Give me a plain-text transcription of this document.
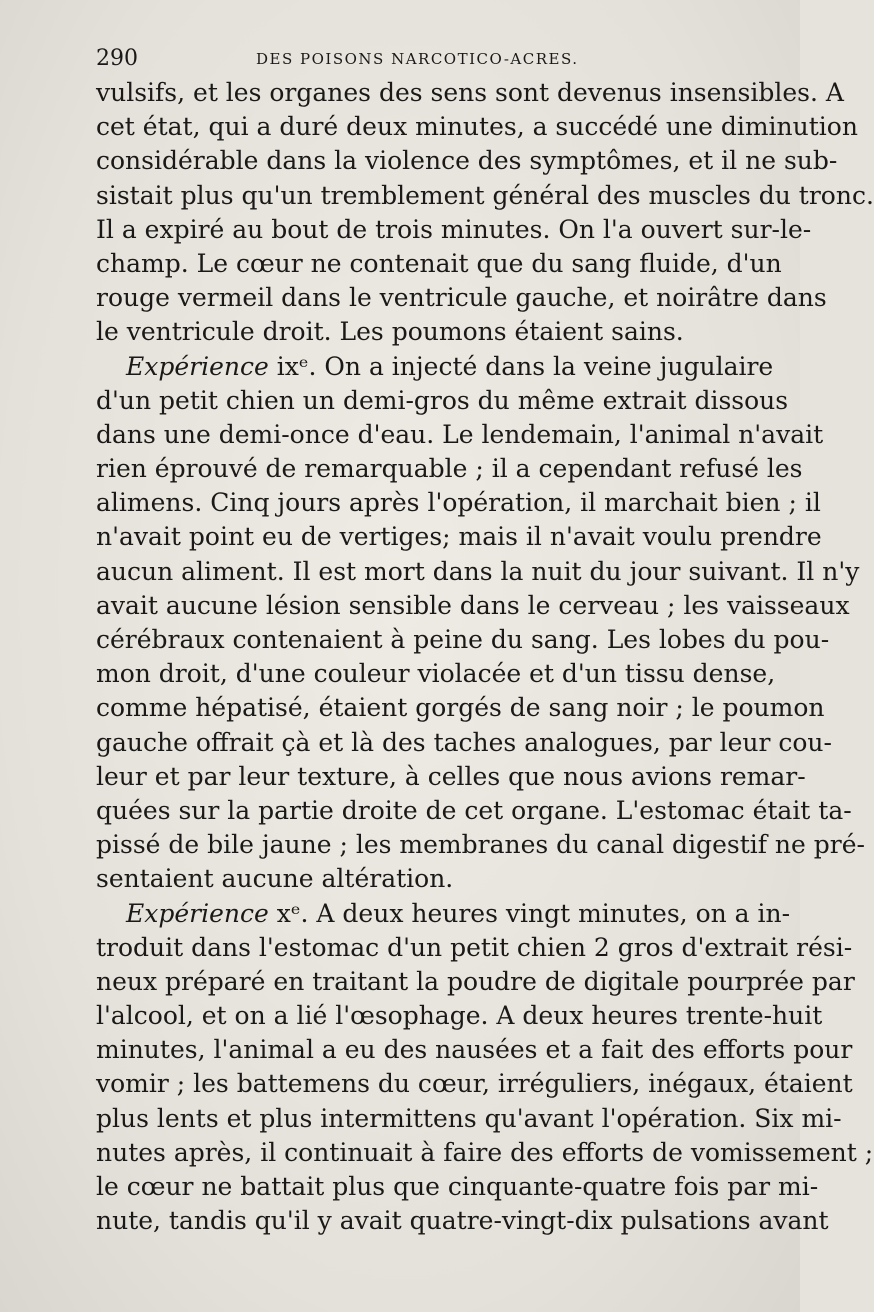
290	DES POISONS NARCOTICO-ACRES.
vulsifs, et les organes des sens sont devenus insensibles. A
cet état, qui a duré deux minutes, a succédé une diminution
considérable dans la violence des symptômes, et il ne sub-
sistait plus qu'un tremblement général des muscles du tronc.
Il a expiré au bout de trois minutes. On l'a ouvert sur-le-
champ. Le cœur ne contenait que du sang fluide, d'un
rouge vermeil dans le ventricule gauche, et noirâtre dans
le ventricule droit. Les poumons étaient sains.
Expérience ixᵉ. On a injecté dans la veine jugulaire
d'un petit chien un demi-gros du même extrait dissous
dans une demi-once d'eau. Le lendemain, l'animal n'avait
rien éprouvé de remarquable ; il a cependant refusé les
alimens. Cinq jours après l'opération, il marchait bien ; il
n'avait point eu de vertiges; mais il n'avait voulu prendre
aucun aliment. Il est mort dans la nuit du jour suivant. Il n'y
avait aucune lésion sensible dans le cerveau ; les vaisseaux
cérébraux contenaient à peine du sang. Les lobes du pou-
mon droit, d'une couleur violacée et d'un tissu dense,
comme hépatisé, étaient gorgés de sang noir ; le poumon
gauche offrait çà et là des taches analogues, par leur cou-
leur et par leur texture, à celles que nous avions remar-
quées sur la partie droite de cet organe. L'estomac était ta-
pissé de bile jaune ; les membranes du canal digestif ne pré-
sentaient aucune altération.
Expérience xᵉ. A deux heures vingt minutes, on a in-
troduit dans l'estomac d'un petit chien 2 gros d'extrait rési-
neux préparé en traitant la poudre de digitale pourprée par
l'alcool, et on a lié l'œsophage. A deux heures trente-huit
minutes, l'animal a eu des nausées et a fait des efforts pour
vomir ; les battemens du cœur, irréguliers, inégaux, étaient
plus lents et plus intermittens qu'avant l'opération. Six mi-
nutes après, il continuait à faire des efforts de vomissement ;
le cœur ne battait plus que cinquante-quatre fois par mi-
nute, tandis qu'il y avait quatre-vingt-dix pulsations avant
